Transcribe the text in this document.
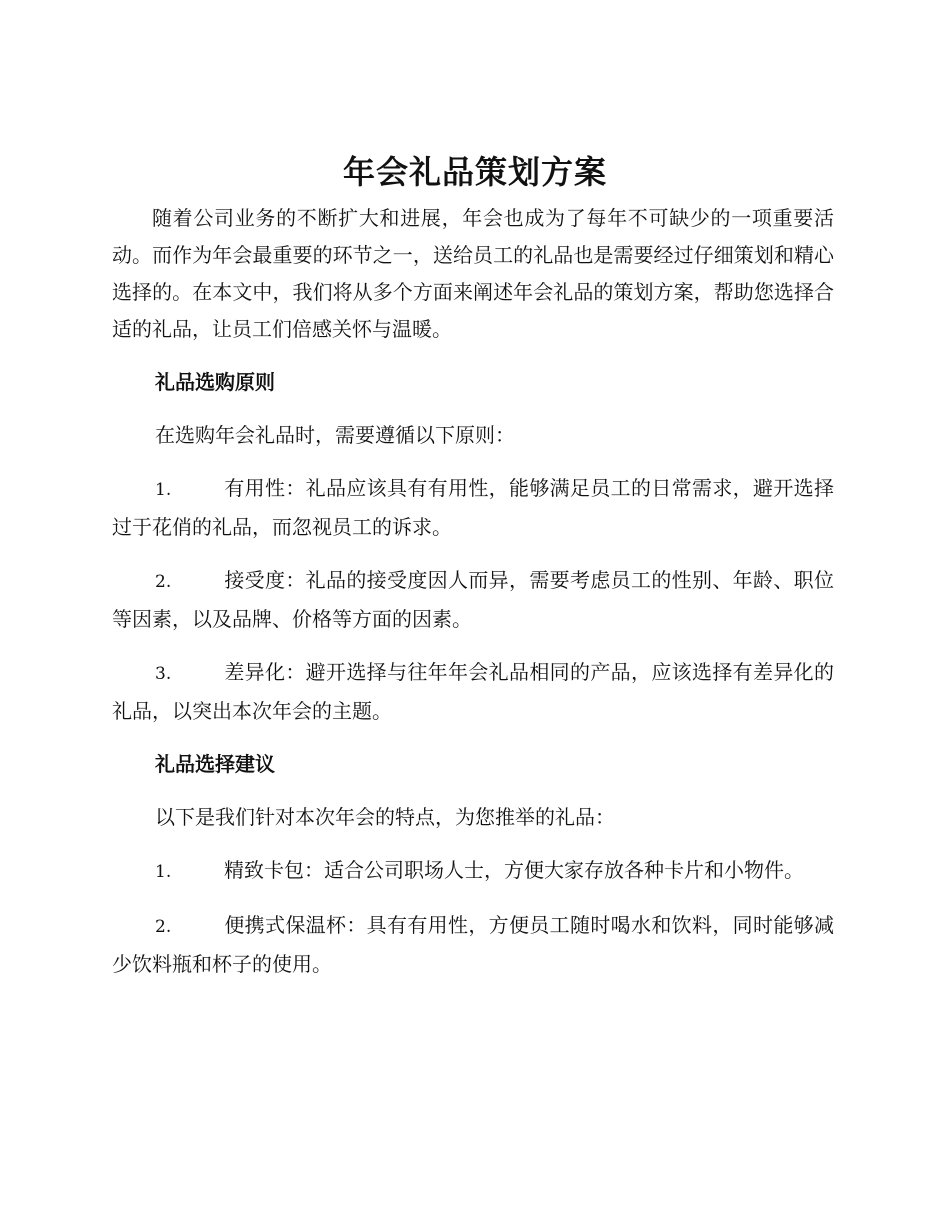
年会礼品策划方案

随着公司业务的不断扩大和进展，年会也成为了每年不可缺少的一项重要活动。而作为年会最重要的环节之一，送给员工的礼品也是需要经过仔细策划和精心选择的。在本文中，我们将从多个方面来阐述年会礼品的策划方案，帮助您选择合适的礼品，让员工们倍感关怀与温暖。

礼品选购原则

在选购年会礼品时，需要遵循以下原则：

1.	有用性：礼品应该具有有用性，能够满足员工的日常需求，避开选择过于花俏的礼品，而忽视员工的诉求。

2.	接受度：礼品的接受度因人而异，需要考虑员工的性别、年龄、职位等因素，以及品牌、价格等方面的因素。

3.	差异化：避开选择与往年年会礼品相同的产品，应该选择有差异化的礼品，以突出本次年会的主题。

礼品选择建议

以下是我们针对本次年会的特点，为您推举的礼品：

1.	精致卡包：适合公司职场人士，方便大家存放各种卡片和小物件。

2.	便携式保温杯：具有有用性，方便员工随时喝水和饮料，同时能够减少饮料瓶和杯子的使用。
